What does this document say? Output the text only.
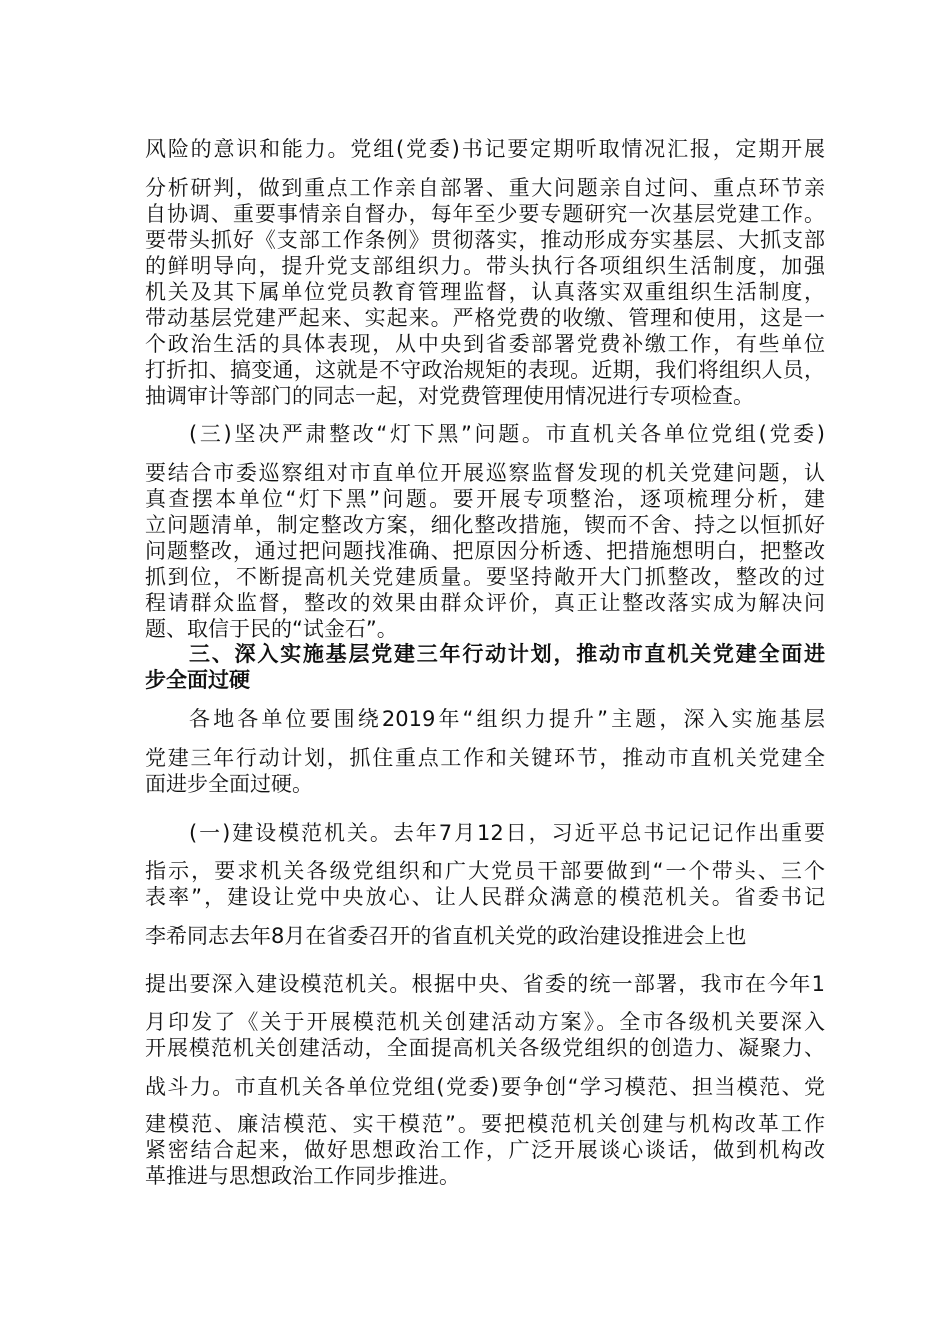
风险的意识和能力。党组(党委)书记要定期听取情况汇报，定期开展
分析研判，做到重点工作亲自部署、重大问题亲自过问、重点环节亲
自协调、重要事情亲自督办，每年至少要专题研究一次基层党建工作。
要带头抓好《支部工作条例》贯彻落实，推动形成夯实基层、大抓支部
的鲜明导向，提升党支部组织力。带头执行各项组织生活制度，加强
机关及其下属单位党员教育管理监督，认真落实双重组织生活制度，
带动基层党建严起来、实起来。严格党费的收缴、管理和使用，这是一
个政治生活的具体表现，从中央到省委部署党费补缴工作，有些单位
打折扣、搞变通，这就是不守政治规矩的表现。近期，我们将组织人员，
抽调审计等部门的同志一起，对党费管理使用情况进行专项检查。
(三)坚决严肃整改“灯下黑”问题。市直机关各单位党组(党委)
要结合市委巡察组对市直单位开展巡察监督发现的机关党建问题，认
真查摆本单位“灯下黑”问题。要开展专项整治，逐项梳理分析，建
立问题清单，制定整改方案，细化整改措施，锲而不舍、持之以恒抓好
问题整改，通过把问题找准确、把原因分析透、把措施想明白，把整改
抓到位，不断提高机关党建质量。要坚持敞开大门抓整改，整改的过
程请群众监督，整改的效果由群众评价，真正让整改落实成为解决问
题、取信于民的“试金石”。
三、深入实施基层党建三年行动计划，推动市直机关党建全面进
步全面过硬
各地各单位要围绕2019年“组织力提升”主题，深入实施基层
党建三年行动计划，抓住重点工作和关键环节，推动市直机关党建全
面进步全面过硬。
(一)建设模范机关。去年7月12日，习近平总书记记记作出重要
指示，要求机关各级党组织和广大党员干部要做到“一个带头、三个
表率”，建设让党中央放心、让人民群众满意的模范机关。省委书记
李希同志去年8月在省委召开的省直机关党的政治建设推进会上也
提出要深入建设模范机关。根据中央、省委的统一部署，我市在今年1
月印发了《关于开展模范机关创建活动方案》。全市各级机关要深入
开展模范机关创建活动，全面提高机关各级党组织的创造力、凝聚力、
战斗力。市直机关各单位党组(党委)要争创“学习模范、担当模范、党
建模范、廉洁模范、实干模范”。要把模范机关创建与机构改革工作
紧密结合起来，做好思想政治工作，广泛开展谈心谈话，做到机构改
革推进与思想政治工作同步推进。
